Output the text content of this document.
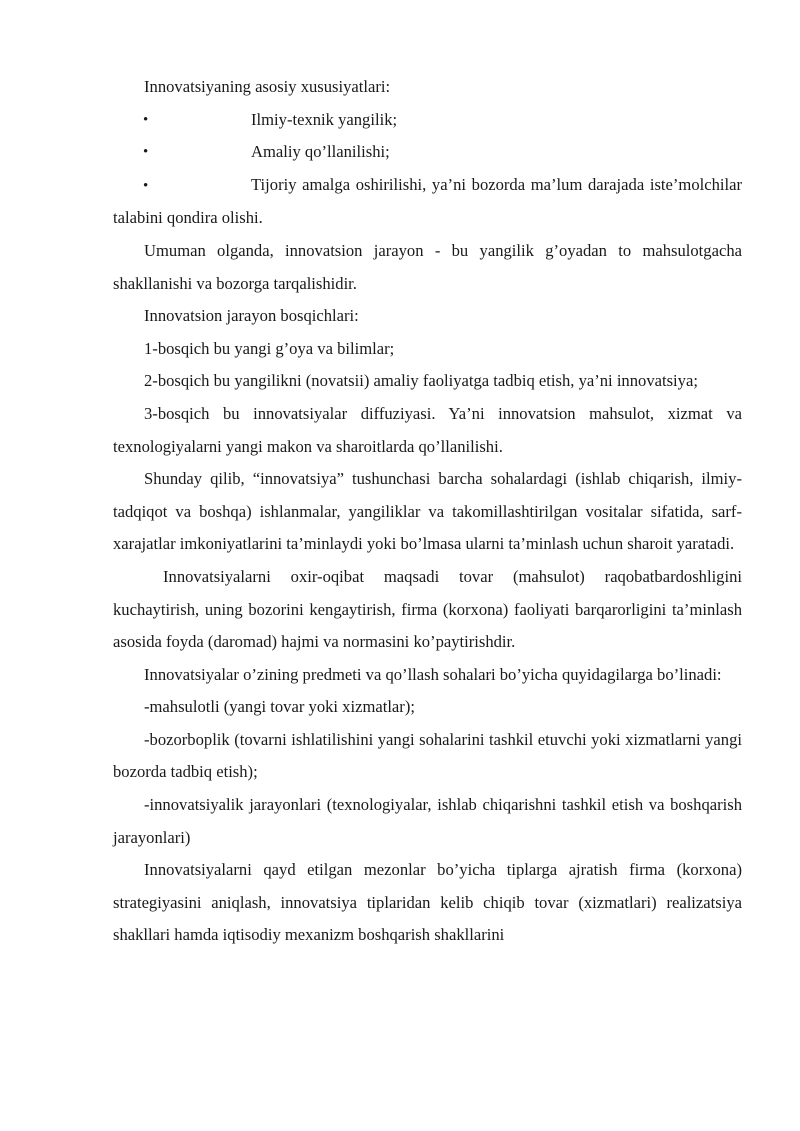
Innovatsiyaning asosiy xususiyatlari:

•	Ilmiy-texnik yangilik;
•	Amaliy qo’llanilishi;

•	Tijoriy amalga oshirilishi, ya’ni bozorda ma’lum darajada iste’molchilar talabini qondira olishi.

Umuman olganda, innovatsion jarayon - bu yangilik g’oyadan to mahsulotgacha shakllanishi va bozorga tarqalishidir.

Innovatsion jarayon bosqichlari:

1-bosqich bu yangi g’oya va bilimlar;

2-bosqich bu yangilikni (novatsii) amaliy faoliyatga tadbiq etish, ya’ni innovatsiya;

3-bosqich bu innovatsiyalar diffuziyasi. Ya’ni innovatsion mahsulot, xizmat va texnologiyalarni yangi makon va sharoitlarda qo’llanilishi.

Shunday qilib, “innovatsiya” tushunchasi barcha sohalardagi (ishlab chiqarish, ilmiy-tadqiqot va boshqa) ishlanmalar, yangiliklar va takomillashtirilgan vositalar sifatida, sarf-xarajatlar imkoniyatlarini ta’minlaydi yoki bo’lmasa ularni ta’minlash uchun sharoit yaratadi.

Innovatsiyalarni oxir-oqibat maqsadi tovar (mahsulot) raqobatbardoshligini kuchaytirish, uning bozorini kengaytirish, firma (korxona) faoliyati barqarorligini ta’minlash asosida foyda (daromad) hajmi va normasini ko’paytirishdir.

Innovatsiyalar o’zining predmeti va qo’llash sohalari bo’yicha quyidagilarga bo’linadi:

-mahsulotli (yangi tovar yoki xizmatlar);

-bozorboplik (tovarni ishlatilishini yangi sohalarini tashkil etuvchi yoki xizmatlarni yangi bozorda tadbiq etish);

-innovatsiyalik jarayonlari (texnologiyalar, ishlab chiqarishni tashkil etish va boshqarish jarayonlari)

Innovatsiyalarni qayd etilgan mezonlar bo’yicha tiplarga ajratish firma (korxona) strategiyasini aniqlash, innovatsiya tiplaridan kelib chiqib tovar (xizmatlari) realizatsiya shakllari hamda iqtisodiy mexanizm boshqarish shakllarini
